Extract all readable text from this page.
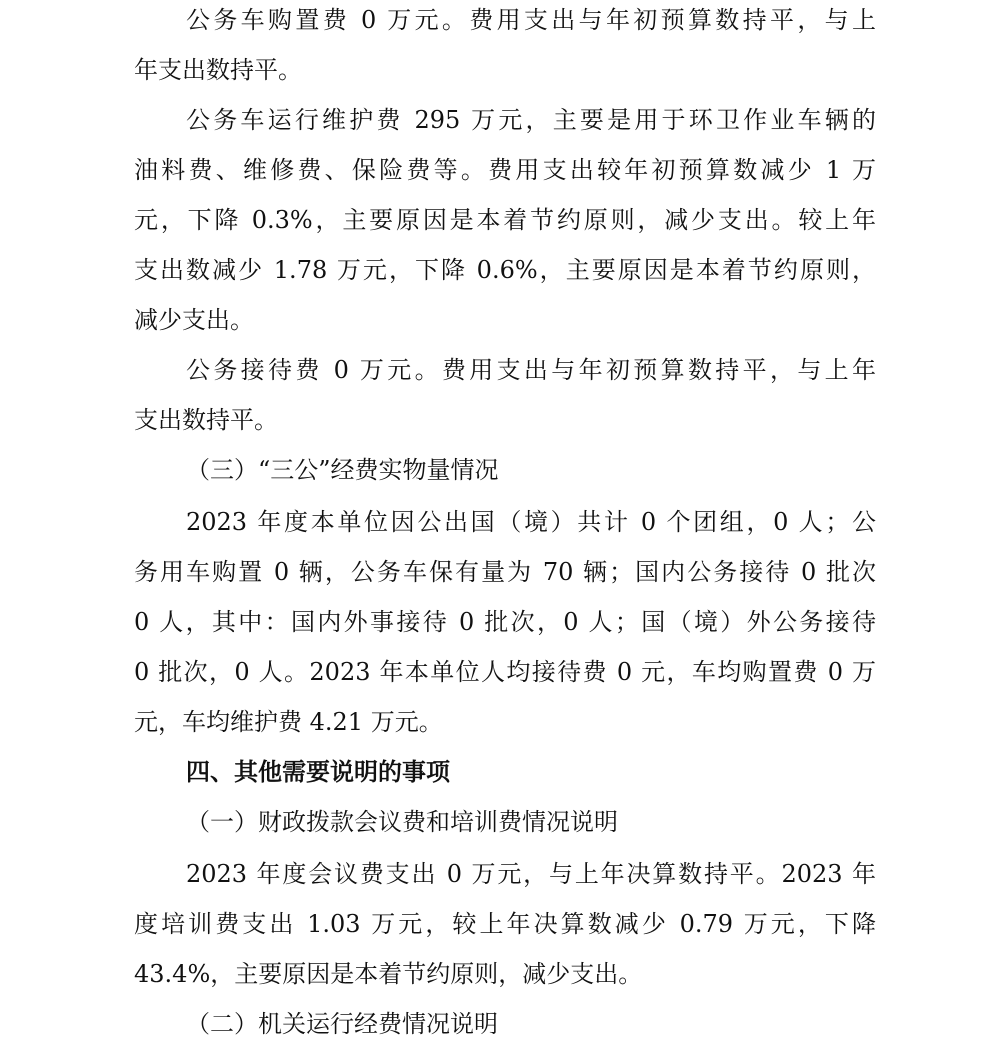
公务车购置费 0 万元。费用支出与年初预算数持平，与上
年支出数持平。
公务车运行维护费 295 万元，主要是用于环卫作业车辆的
油料费、维修费、保险费等。费用支出较年初预算数减少 1 万
元，下降 0.3%，主要原因是本着节约原则，减少支出。较上年
支出数减少 1.78 万元，下降 0.6%，主要原因是本着节约原则，
减少支出。
公务接待费 0 万元。费用支出与年初预算数持平，与上年
支出数持平。
（三）“三公”经费实物量情况
2023 年度本单位因公出国（境）共计 0 个团组，0 人；公
务用车购置 0 辆，公务车保有量为 70 辆；国内公务接待 0 批次
0 人，其中：国内外事接待 0 批次，0 人；国（境）外公务接待
0 批次，0 人。2023 年本单位人均接待费 0 元，车均购置费 0 万
元，车均维护费 4.21 万元。
四、其他需要说明的事项
（一）财政拨款会议费和培训费情况说明
2023 年度会议费支出 0 万元，与上年决算数持平。2023 年
度培训费支出 1.03 万元，较上年决算数减少 0.79 万元，下降
43.4%，主要原因是本着节约原则，减少支出。
（二）机关运行经费情况说明
